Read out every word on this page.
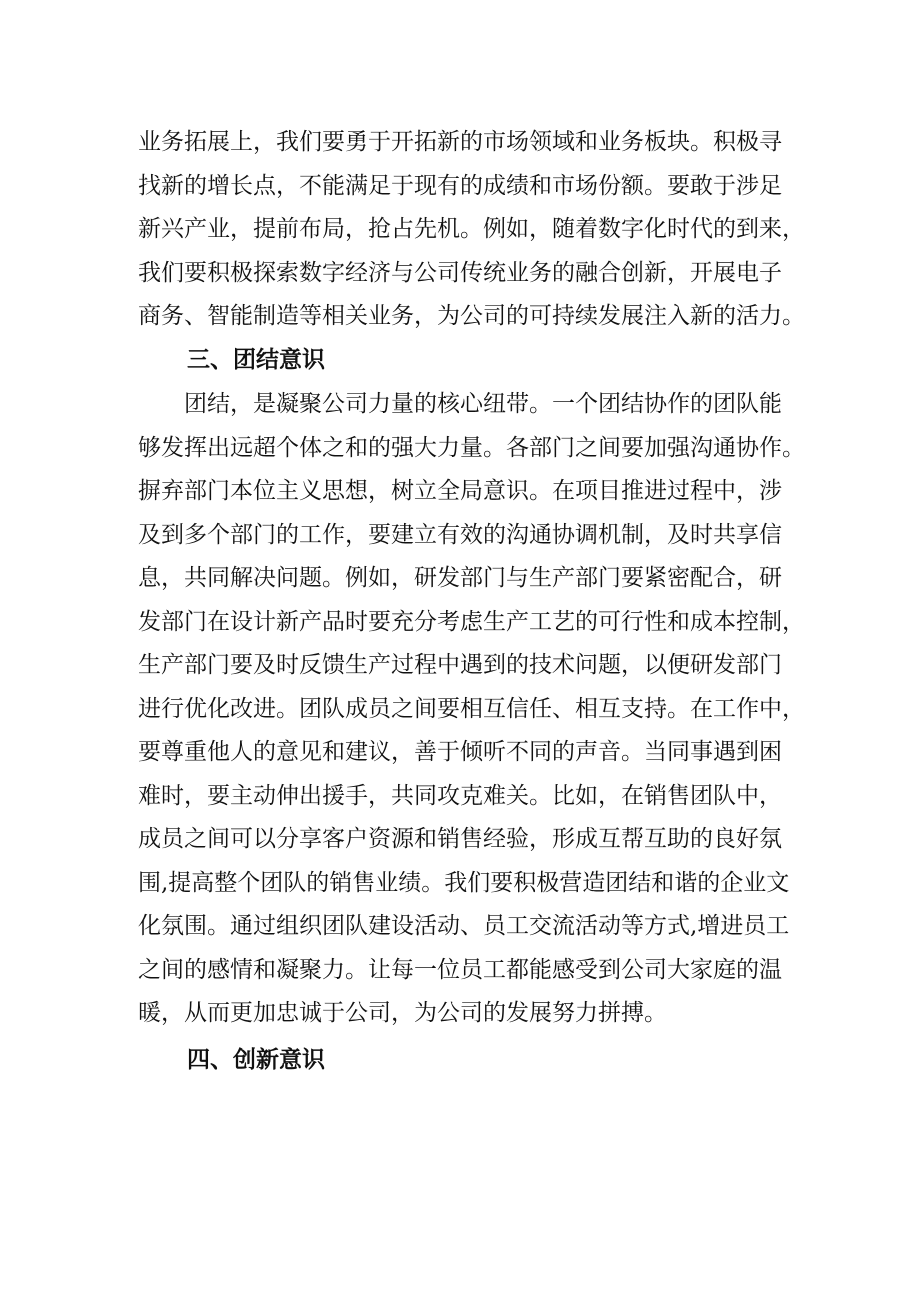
业务拓展上，我们要勇于开拓新的市场领域和业务板块。积极寻

找新的增长点，不能满足于现有的成绩和市场份额。要敢于涉足

新兴产业，提前布局，抢占先机。例如，随着数字化时代的到来，

我们要积极探索数字经济与公司传统业务的融合创新，开展电子

商务、智能制造等相关业务，为公司的可持续发展注入新的活力。

三、团结意识

团结，是凝聚公司力量的核心纽带。一个团结协作的团队能

够发挥出远超个体之和的强大力量。各部门之间要加强沟通协作。

摒弃部门本位主义思想，树立全局意识。在项目推进过程中，涉

及到多个部门的工作，要建立有效的沟通协调机制，及时共享信

息，共同解决问题。例如，研发部门与生产部门要紧密配合，研

发部门在设计新产品时要充分考虑生产工艺的可行性和成本控制，

生产部门要及时反馈生产过程中遇到的技术问题，以便研发部门

进行优化改进。团队成员之间要相互信任、相互支持。在工作中，

要尊重他人的意见和建议，善于倾听不同的声音。当同事遇到困

难时，要主动伸出援手，共同攻克难关。比如，在销售团队中，

成员之间可以分享客户资源和销售经验，形成互帮互助的良好氛

围,提高整个团队的销售业绩。我们要积极营造团结和谐的企业文

化氛围。通过组织团队建设活动、员工交流活动等方式,增进员工

之间的感情和凝聚力。让每一位员工都能感受到公司大家庭的温

暖，从而更加忠诚于公司，为公司的发展努力拼搏。

四、创新意识
